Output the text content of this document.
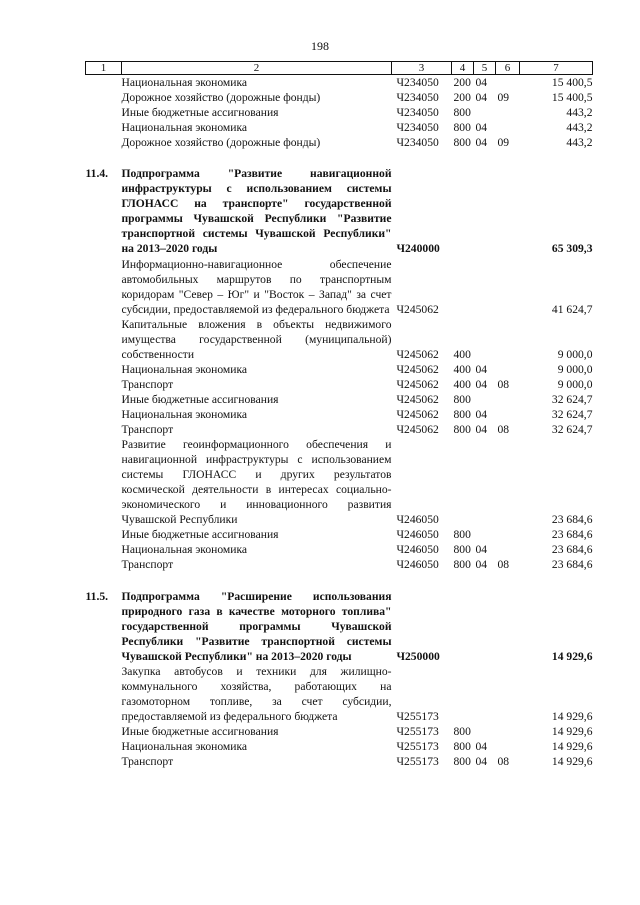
198
1	2	3	4	5	6	7
	Национальная экономика	Ч234050	200	04		15 400,5
	Дорожное хозяйство (дорожные фонды)	Ч234050	200	04	09	15 400,5
	Иные бюджетные ассигнования	Ч234050	800			443,2
	Национальная экономика	Ч234050	800	04		443,2
	Дорожное хозяйство (дорожные фонды)	Ч234050	800	04	09	443,2

11.4.	Подпрограмма "Развитие навигационной инфраструктуры с использованием системы ГЛОНАСС на транспорте" государственной программы Чувашской Республики "Развитие транспортной системы Чувашской Республики" на 2013–2020 годы	Ч240000				65 309,3
	Информационно-навигационное обеспечение автомобильных маршрутов по транспортным коридорам "Север – Юг" и "Восток – Запад" за счет субсидии, предоставляемой из федерального бюджета	Ч245062				41 624,7
	Капитальные вложения в объекты недвижимого имущества государственной (муниципальной) собственности	Ч245062	400			9 000,0
	Национальная экономика	Ч245062	400	04		9 000,0
	Транспорт	Ч245062	400	04	08	9 000,0
	Иные бюджетные ассигнования	Ч245062	800			32 624,7
	Национальная экономика	Ч245062	800	04		32 624,7
	Транспорт	Ч245062	800	04	08	32 624,7
	Развитие геоинформационного обеспечения и навигационной инфраструктуры с использованием системы ГЛОНАСС и других результатов космической деятельности в интересах социально-экономического и инновационного развития Чувашской Республики	Ч246050				23 684,6
	Иные бюджетные ассигнования	Ч246050	800			23 684,6
	Национальная экономика	Ч246050	800	04		23 684,6
	Транспорт	Ч246050	800	04	08	23 684,6

11.5.	Подпрограмма "Расширение использования природного газа в качестве моторного топлива" государственной программы Чувашской Республики "Развитие транспортной системы Чувашской Республики" на 2013–2020 годы	Ч250000				14 929,6
	Закупка автобусов и техники для жилищно-коммунального хозяйства, работающих на газомоторном топливе, за счет субсидии, предоставляемой из федерального бюджета	Ч255173				14 929,6
	Иные бюджетные ассигнования	Ч255173	800			14 929,6
	Национальная экономика	Ч255173	800	04		14 929,6
	Транспорт	Ч255173	800	04	08	14 929,6
